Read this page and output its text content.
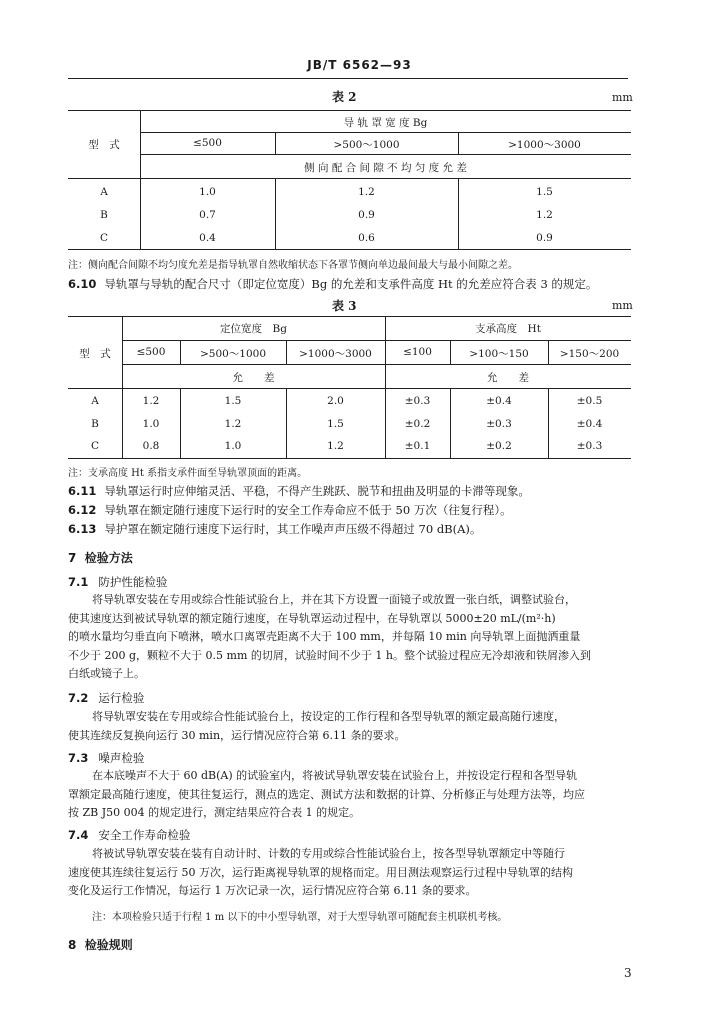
JB/T 6562—93
表 2	mm
型　式
导 轨 罩 宽 度 Bg
≤500	>500～1000	>1000～3000
侧 向 配 合 间 隙 不 均 匀 度 允 差
A	1.0	1.2	1.5
B	0.7	0.9	1.2
C	0.4	0.6	0.9
注：侧向配合间隙不均匀度允差是指导轨罩自然收缩状态下各罩节侧向单边最间最大与最小间隙之差。
6.10 导轨罩与导轨的配合尺寸（即定位宽度）Bg 的允差和支承件高度 Ht 的允差应符合表 3 的规定。
表 3	mm
型　式
定位宽度　Bg	支承高度　Ht
≤500	>500～1000	>1000～3000	≤100	>100～150	>150～200
允　　差	允　　差
A	1.2	1.5	2.0	±0.3	±0.4	±0.5
B	1.0	1.2	1.5	±0.2	±0.3	±0.4
C	0.8	1.0	1.2	±0.1	±0.2	±0.3
注：支承高度 Ht 系指支承件面至导轨罩顶面的距离。
6.11 导轨罩运行时应伸缩灵活、平稳，不得产生跳跃、脱节和扭曲及明显的卡滞等现象。
6.12 导轨罩在额定随行速度下运行时的安全工作寿命应不低于 50 万次（往复行程）。
6.13 导护罩在额定随行速度下运行时，其工作噪声声压级不得超过 70 dB(A)。
7 检验方法
7.1 防护性能检验
将导轨罩安装在专用或综合性能试验台上，并在其下方设置一面镜子或放置一张白纸，调整试验台，
使其速度达到被试导轨罩的额定随行速度，在导轨罩运动过程中，在导轨罩以 5000±20 mL/(m²·h)
的喷水量均匀垂直向下喷淋，喷水口离罩壳距离不大于 100 mm，并每隔 10 min 向导轨罩上面抛洒重量
不少于 200 g，颗粒不大于 0.5 mm 的切屑，试验时间不少于 1 h。整个试验过程应无冷却液和铁屑渗入到
白纸或镜子上。
7.2 运行检验
将导轨罩安装在专用或综合性能试验台上，按设定的工作行程和各型导轨罩的额定最高随行速度，
使其连续反复换向运行 30 min，运行情况应符合第 6.11 条的要求。
7.3 噪声检验
在本底噪声不大于 60 dB(A) 的试验室内，将被试导轨罩安装在试验台上，并按设定行程和各型导轨
罩额定最高随行速度，使其往复运行，测点的选定、测试方法和数据的计算、分析修正与处理方法等，均应
按 ZB J50 004 的规定进行，测定结果应符合表 1 的规定。
7.4 安全工作寿命检验
将被试导轨罩安装在装有自动计时、计数的专用或综合性能试验台上，按各型导轨罩额定中等随行
速度使其连续往复运行 50 万次，运行距离视导轨罩的规格而定。用目测法观察运行过程中导轨罩的结构
变化及运行工作情况，每运行 1 万次记录一次，运行情况应符合第 6.11 条的要求。
注：本项检验只适于行程 1 m 以下的中小型导轨罩，对于大型导轨罩可随配套主机联机考核。
8 检验规则
3
